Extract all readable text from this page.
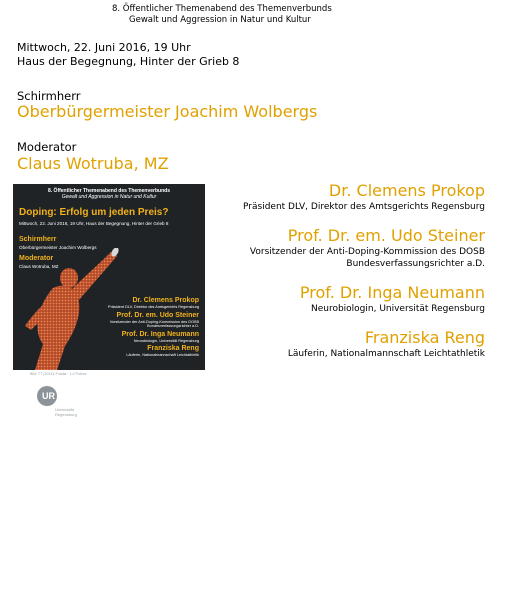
8. Öffentlicher Themenabend des Themenverbunds
Gewalt und Aggression in Natur und Kultur
Mittwoch, 22. Juni 2016, 19 Uhr
Haus der Begegnung, Hinter der Grieb 8
Schirmherr
Oberbürgermeister Joachim Wolbergs
Moderator
Claus Wotruba, MZ
Dr. Clemens Prokop
Präsident DLV, Direktor des Amtsgerichts Regensburg
Prof. Dr. em. Udo Steiner
Vorsitzender der Anti-Doping-Kommission des DOSB
Bundesverfassungsrichter a.D.
Prof. Dr. Inga Neumann
Neurobiologin, Universität Regensburg
Franziska Reng
Läuferin, Nationalmannschaft Leichtathletik
8. Öffentlicher Themenabend des Themenverbunds
Gewalt und Aggression in Natur und Kultur
Doping: Erfolg um jeden Preis?
Mittwoch, 22. Juni 2016, 19 Uhr, Haus der Begegnung, Hinter der Grieb 8
Schirmherr
Oberbürgermeister Joachim Wolbergs
Moderator
Claus Wotruba, MZ
Dr. Clemens Prokop
Präsident DLV, Direktor des Amtsgerichts Regensburg
Prof. Dr. em. Udo Steiner
Vorsitzender der Anti-Doping-Kommission des DOSB
Bundesverfassungsrichter a.D.
Prof. Dr. Inga Neumann
Neurobiologin, Universität Regensburg
Franziska Reng
Läuferin, Nationalmannschaft Leichtathletik
Bild: TT (2014)/ Fotolia · 1.0 Polenz
UR
Universität Regensburg
